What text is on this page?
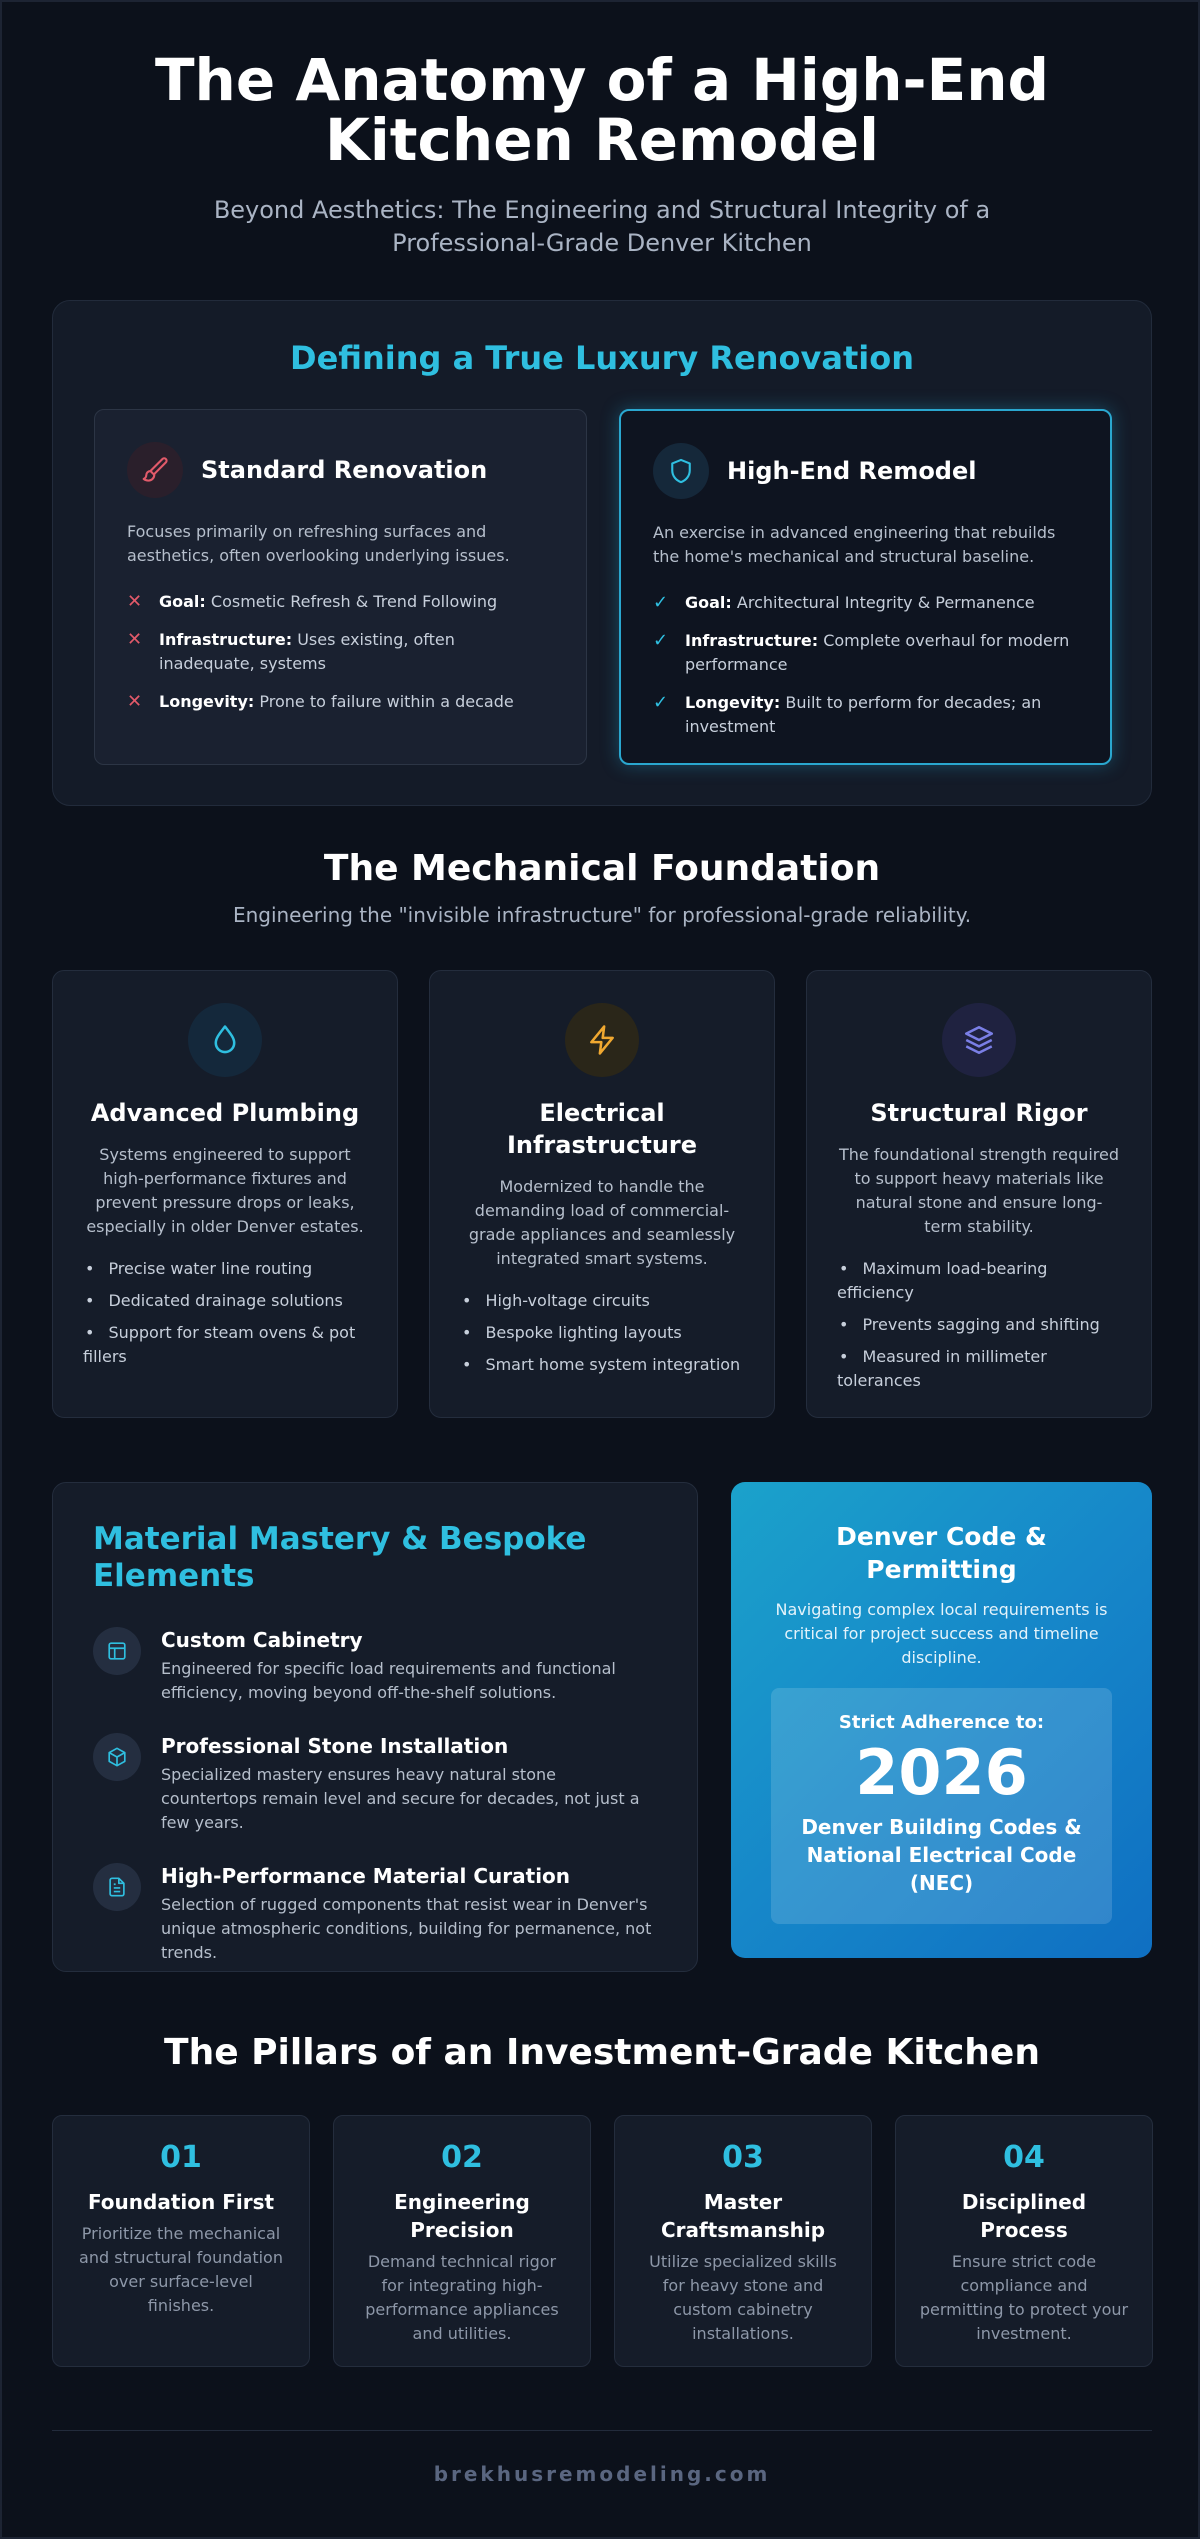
The Anatomy of a High-End Kitchen Remodel

Beyond Aesthetics: The Engineering and Structural Integrity of a Professional-Grade Denver Kitchen

Defining a True Luxury Renovation
Standard Renovation

Focuses primarily on refreshing surfaces and aesthetics, often overlooking underlying issues.

✕	Goal: Cosmetic Refresh & Trend Following
✕	Infrastructure: Uses existing, often inadequate, systems
✕	Longevity: Prone to failure within a decade
High-End Remodel

An exercise in advanced engineering that rebuilds the home's mechanical and structural baseline.

✓	Goal: Architectural Integrity & Permanence
✓	Infrastructure: Complete overhaul for modern performance
✓	Longevity: Built to perform for decades; an investment
The Mechanical Foundation

Engineering the "invisible infrastructure" for professional-grade reliability.

Advanced Plumbing

Systems engineered to support high-performance fixtures and prevent pressure drops or leaks, especially in older Denver estates.

• Precise water line routing
• Dedicated drainage solutions
• Support for steam ovens & pot fillers
Electrical Infrastructure

Modernized to handle the demanding load of commercial-grade appliances and seamlessly integrated smart systems.

• High-voltage circuits
• Bespoke lighting layouts
• Smart home system integration
Structural Rigor

The foundational strength required to support heavy materials like natural stone and ensure long-term stability.

• Maximum load-bearing efficiency
• Prevents sagging and shifting
• Measured in millimeter tolerances
Material Mastery & Bespoke Elements
Custom Cabinetry
Engineered for specific load requirements and functional efficiency, moving beyond off-the-shelf solutions.
Professional Stone Installation
Specialized mastery ensures heavy natural stone countertops remain level and secure for decades, not just a few years.
High-Performance Material Curation
Selection of rugged components that resist wear in Denver's unique atmospheric conditions, building for permanence, not trends.
Denver Code & Permitting

Navigating complex local requirements is critical for project success and timeline discipline.

Strict Adherence to:
2026
Denver Building Codes & National Electrical Code (NEC)
The Pillars of an Investment-Grade Kitchen
01
Foundation First
Prioritize the mechanical and structural foundation over surface-level finishes.
02
Engineering Precision
Demand technical rigor for integrating high-performance appliances and utilities.
03
Master Craftsmanship
Utilize specialized skills for heavy stone and custom cabinetry installations.
04
Disciplined Process
Ensure strict code compliance and permitting to protect your investment.
brekhusremodeling.com
